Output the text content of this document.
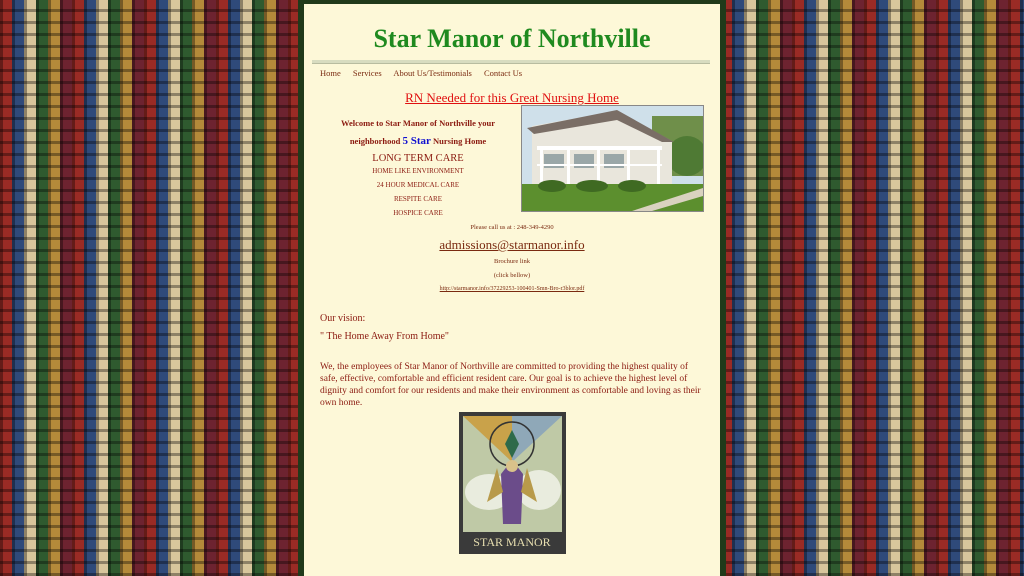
Star Manor of Northville
Home Services About Us/Testimonials Contact Us
RN Needed for this Great Nursing Home
Welcome to Star Manor of Northville your
neighborhood 5 Star Nursing Home
LONG TERM CARE
HOME LIKE ENVIRONMENT
24 HOUR MEDICAL CARE
RESPITE CARE
HOSPICE CARE
Please call us at : 248-349-4290
admissions@starmanor.info
Brochure link
(click bellow)
http://starmanor.info/37229253-100401-Smn-Bro-r3blor.pdf
Our vision:
" The Home Away From Home"
We, the employees of Star Manor of Northville are committed to providing the highest quality of safe, effective, comfortable and efficient resident care. Our goal is to achieve the highest level of dignity and comfort for our residents and make their environment as comfortable and loving as their own home.
STAR MANOR
